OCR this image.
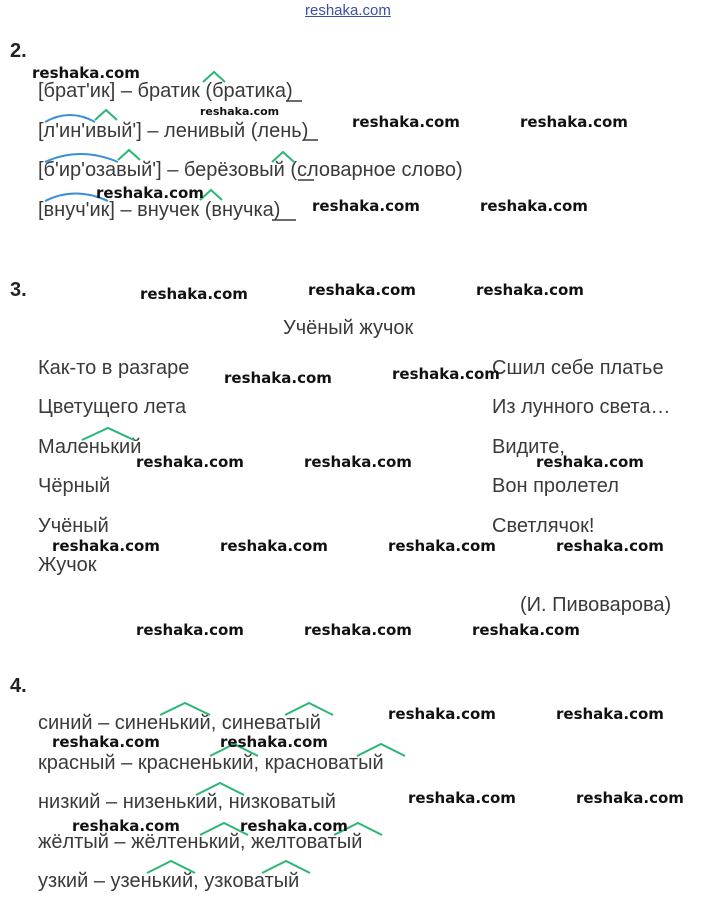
reshaka.com
2.
[брат'ик] – братик (братика)
[л'ин'ивый'] – ленивый (лень)
[б'ир'озавый'] – берёзовый (словарное слово)
[внуч'ик] – внучек (внучка)
3.
Учёный жучок
Как-то в разгаре
Цветущего лета
Маленький
Чёрный
Учёный
Жучок
Сшил себе платье
Из лунного света…
Видите,
Вон пролетел
Светлячок!
(И. Пивоварова)
4.
синий – синенький, синеватый
красный – красненький, красноватый
низкий – низенький, низковатый
жёлтый – жёлтенький, желтоватый
узкий – узенький, узковатый
reshaka.com
reshaka.com
reshaka.com	reshaka.com
reshaka.com
reshaka.com	reshaka.com
reshaka.com	reshaka.com	reshaka.com
reshaka.com	reshaka.com
reshaka.com	reshaka.com	reshaka.com
reshaka.com	reshaka.com	reshaka.com	reshaka.com
reshaka.com	reshaka.com	reshaka.com
reshaka.com	reshaka.com
reshaka.com	reshaka.com
reshaka.com	reshaka.com
reshaka.com	reshaka.com
